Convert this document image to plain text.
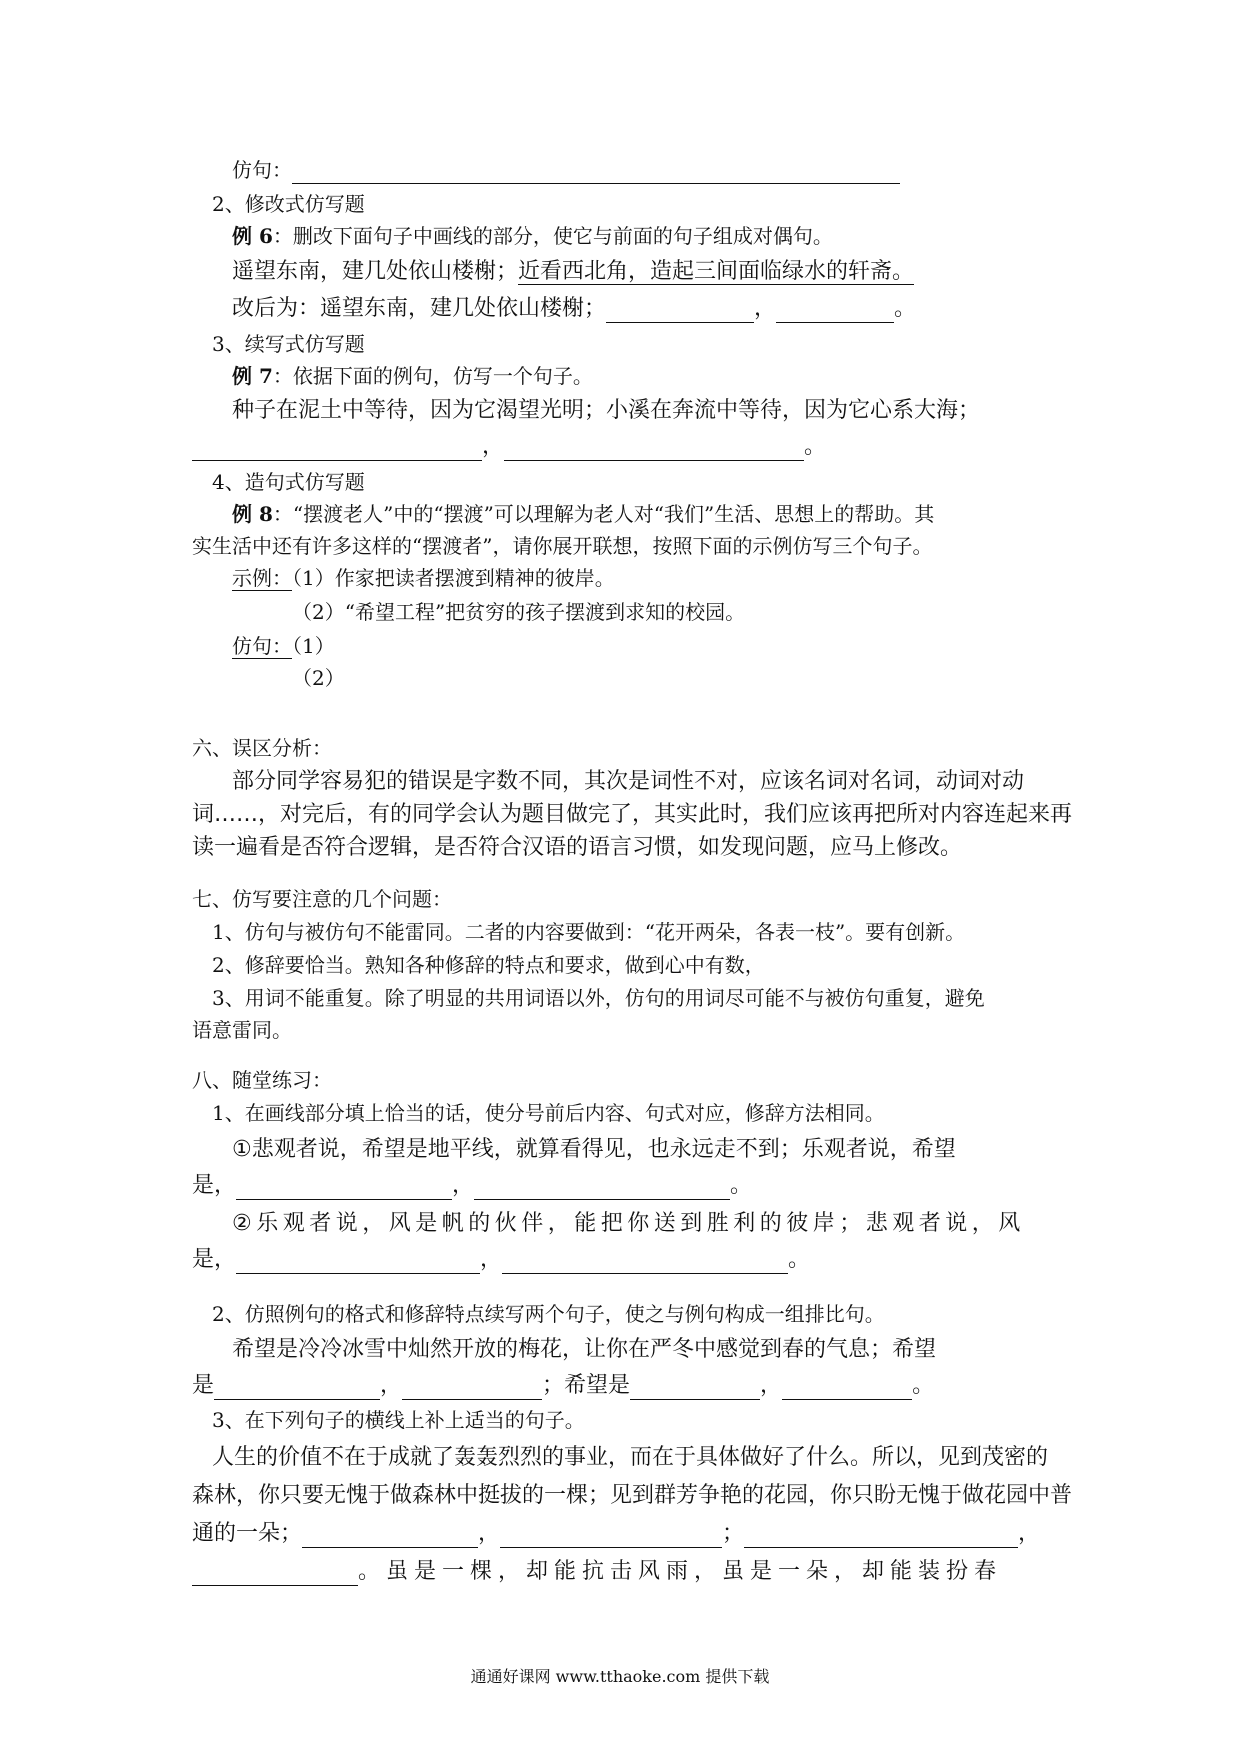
仿句：
2、修改式仿写题
例 6：删改下面句子中画线的部分，使它与前面的句子组成对偶句。
遥望东南，建几处依山楼榭；近看西北角，造起三间面临绿水的轩斋。
改后为：遥望东南，建几处依山楼榭；	，	。
3、续写式仿写题
例 7：依据下面的例句，仿写一个句子。
种子在泥土中等待，因为它渴望光明；小溪在奔流中等待，因为它心系大海；
，	。
4、造句式仿写题
例 8：“摆渡老人”中的“摆渡”可以理解为老人对“我们”生活、思想上的帮助。其
实生活中还有许多这样的“摆渡者”，请你展开联想，按照下面的示例仿写三个句子。
示例：（1）作家把读者摆渡到精神的彼岸。
（2）“希望工程”把贫穷的孩子摆渡到求知的校园。
仿句：（1）
（2）
六、误区分析：
部分同学容易犯的错误是字数不同，其次是词性不对，应该名词对名词，动词对动
词……，对完后，有的同学会认为题目做完了，其实此时，我们应该再把所对内容连起来再
读一遍看是否符合逻辑，是否符合汉语的语言习惯，如发现问题，应马上修改。
七、仿写要注意的几个问题：
1、仿句与被仿句不能雷同。二者的内容要做到：“花开两朵，各表一枝”。要有创新。
2、修辞要恰当。熟知各种修辞的特点和要求，做到心中有数，
3、用词不能重复。除了明显的共用词语以外，仿句的用词尽可能不与被仿句重复，避免
语意雷同。
八、随堂练习：
1、在画线部分填上恰当的话，使分号前后内容、句式对应，修辞方法相同。
①悲观者说，希望是地平线，就算看得见，也永远走不到；乐观者说，希望
是，	，	。
②乐观者说，风是帆的伙伴，能把你送到胜利的彼岸；悲观者说，风
是，	，	。
2、仿照例句的格式和修辞特点续写两个句子，使之与例句构成一组排比句。
希望是冷冷冰雪中灿然开放的梅花，让你在严冬中感觉到春的气息；希望
是	，	；希望是	，	。
3、在下列句子的横线上补上适当的句子。
人生的价值不在于成就了轰轰烈烈的事业，而在于具体做好了什么。所以，见到茂密的
森林，你只要无愧于做森林中挺拔的一棵；见到群芳争艳的花园，你只盼无愧于做花园中普
通的一朵；	，	；	，
。虽是一棵，却能抗击风雨，虽是一朵，却能装扮春
通通好课网 www.tthaoke.com 提供下载
